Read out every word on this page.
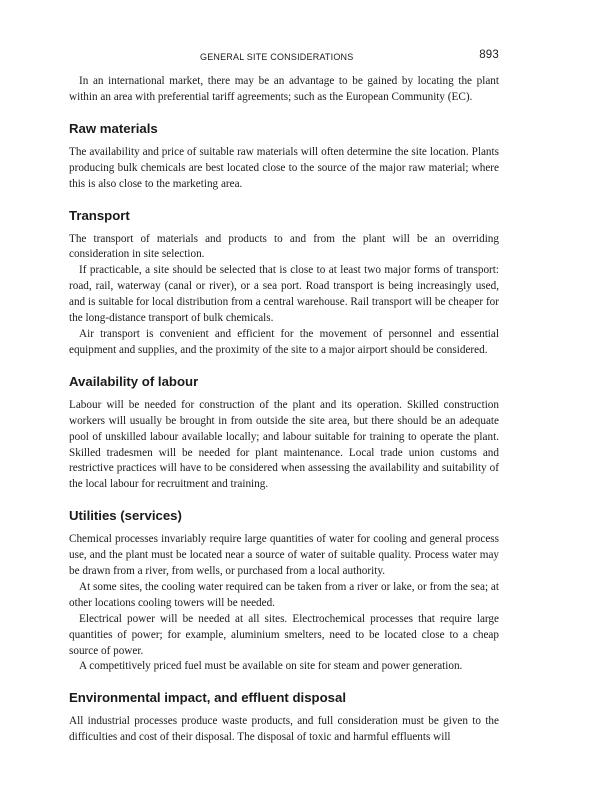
GENERAL SITE CONSIDERATIONS	893

In an international market, there may be an advantage to be gained by locating the plant within an area with preferential tariff agreements; such as the European Community (EC).

Raw materials

The availability and price of suitable raw materials will often determine the site location. Plants producing bulk chemicals are best located close to the source of the major raw material; where this is also close to the marketing area.

Transport

The transport of materials and products to and from the plant will be an overriding consideration in site selection.

If practicable, a site should be selected that is close to at least two major forms of transport: road, rail, waterway (canal or river), or a sea port. Road transport is being increasingly used, and is suitable for local distribution from a central warehouse. Rail transport will be cheaper for the long-distance transport of bulk chemicals.

Air transport is convenient and efficient for the movement of personnel and essential equipment and supplies, and the proximity of the site to a major airport should be considered.

Availability of labour

Labour will be needed for construction of the plant and its operation. Skilled construction workers will usually be brought in from outside the site area, but there should be an adequate pool of unskilled labour available locally; and labour suitable for training to operate the plant. Skilled tradesmen will be needed for plant maintenance. Local trade union customs and restrictive practices will have to be considered when assessing the availability and suitability of the local labour for recruitment and training.

Utilities (services)

Chemical processes invariably require large quantities of water for cooling and general process use, and the plant must be located near a source of water of suitable quality. Process water may be drawn from a river, from wells, or purchased from a local authority.

At some sites, the cooling water required can be taken from a river or lake, or from the sea; at other locations cooling towers will be needed.

Electrical power will be needed at all sites. Electrochemical processes that require large quantities of power; for example, aluminium smelters, need to be located close to a cheap source of power.

A competitively priced fuel must be available on site for steam and power generation.

Environmental impact, and effluent disposal

All industrial processes produce waste products, and full consideration must be given to the difficulties and cost of their disposal. The disposal of toxic and harmful effluents will
